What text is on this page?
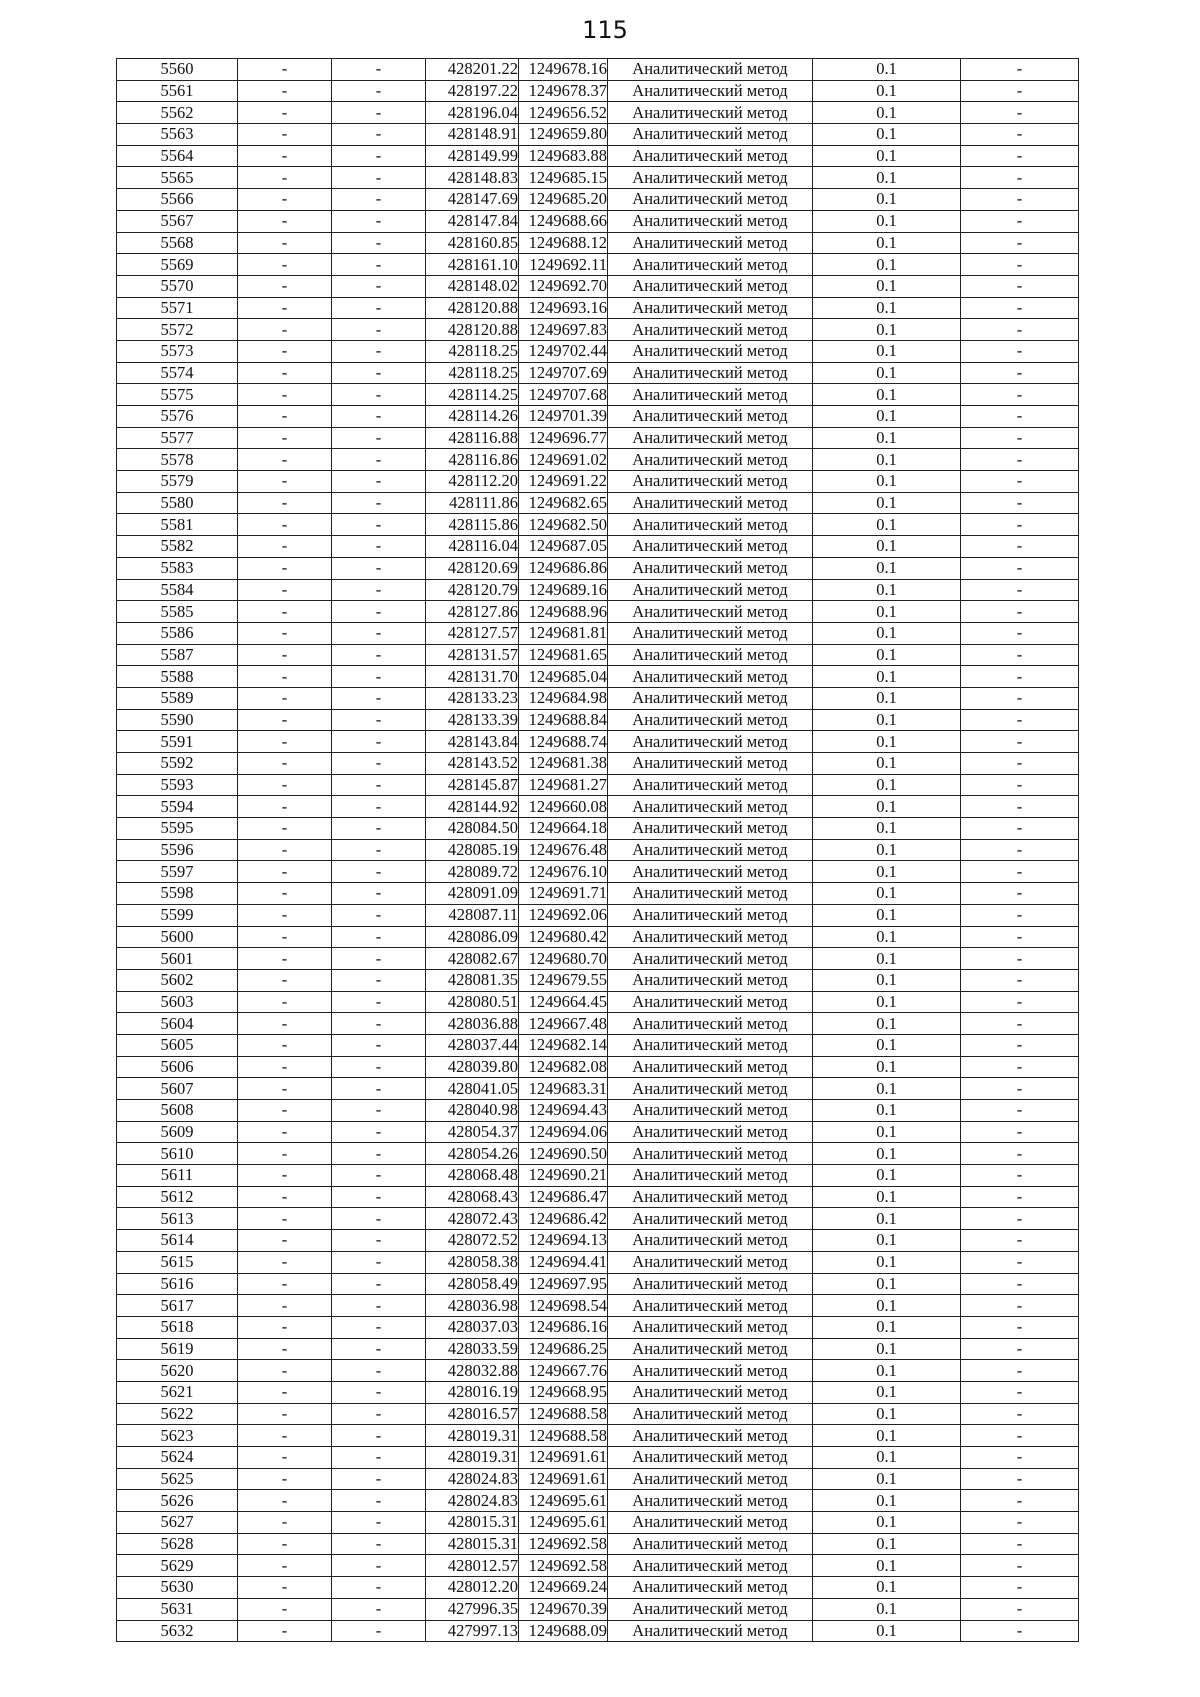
115
5560	-	-	428201.22	1249678.16	Аналитический метод	0.1	-
5561	-	-	428197.22	1249678.37	Аналитический метод	0.1	-
5562	-	-	428196.04	1249656.52	Аналитический метод	0.1	-
5563	-	-	428148.91	1249659.80	Аналитический метод	0.1	-
5564	-	-	428149.99	1249683.88	Аналитический метод	0.1	-
5565	-	-	428148.83	1249685.15	Аналитический метод	0.1	-
5566	-	-	428147.69	1249685.20	Аналитический метод	0.1	-
5567	-	-	428147.84	1249688.66	Аналитический метод	0.1	-
5568	-	-	428160.85	1249688.12	Аналитический метод	0.1	-
5569	-	-	428161.10	1249692.11	Аналитический метод	0.1	-
5570	-	-	428148.02	1249692.70	Аналитический метод	0.1	-
5571	-	-	428120.88	1249693.16	Аналитический метод	0.1	-
5572	-	-	428120.88	1249697.83	Аналитический метод	0.1	-
5573	-	-	428118.25	1249702.44	Аналитический метод	0.1	-
5574	-	-	428118.25	1249707.69	Аналитический метод	0.1	-
5575	-	-	428114.25	1249707.68	Аналитический метод	0.1	-
5576	-	-	428114.26	1249701.39	Аналитический метод	0.1	-
5577	-	-	428116.88	1249696.77	Аналитический метод	0.1	-
5578	-	-	428116.86	1249691.02	Аналитический метод	0.1	-
5579	-	-	428112.20	1249691.22	Аналитический метод	0.1	-
5580	-	-	428111.86	1249682.65	Аналитический метод	0.1	-
5581	-	-	428115.86	1249682.50	Аналитический метод	0.1	-
5582	-	-	428116.04	1249687.05	Аналитический метод	0.1	-
5583	-	-	428120.69	1249686.86	Аналитический метод	0.1	-
5584	-	-	428120.79	1249689.16	Аналитический метод	0.1	-
5585	-	-	428127.86	1249688.96	Аналитический метод	0.1	-
5586	-	-	428127.57	1249681.81	Аналитический метод	0.1	-
5587	-	-	428131.57	1249681.65	Аналитический метод	0.1	-
5588	-	-	428131.70	1249685.04	Аналитический метод	0.1	-
5589	-	-	428133.23	1249684.98	Аналитический метод	0.1	-
5590	-	-	428133.39	1249688.84	Аналитический метод	0.1	-
5591	-	-	428143.84	1249688.74	Аналитический метод	0.1	-
5592	-	-	428143.52	1249681.38	Аналитический метод	0.1	-
5593	-	-	428145.87	1249681.27	Аналитический метод	0.1	-
5594	-	-	428144.92	1249660.08	Аналитический метод	0.1	-
5595	-	-	428084.50	1249664.18	Аналитический метод	0.1	-
5596	-	-	428085.19	1249676.48	Аналитический метод	0.1	-
5597	-	-	428089.72	1249676.10	Аналитический метод	0.1	-
5598	-	-	428091.09	1249691.71	Аналитический метод	0.1	-
5599	-	-	428087.11	1249692.06	Аналитический метод	0.1	-
5600	-	-	428086.09	1249680.42	Аналитический метод	0.1	-
5601	-	-	428082.67	1249680.70	Аналитический метод	0.1	-
5602	-	-	428081.35	1249679.55	Аналитический метод	0.1	-
5603	-	-	428080.51	1249664.45	Аналитический метод	0.1	-
5604	-	-	428036.88	1249667.48	Аналитический метод	0.1	-
5605	-	-	428037.44	1249682.14	Аналитический метод	0.1	-
5606	-	-	428039.80	1249682.08	Аналитический метод	0.1	-
5607	-	-	428041.05	1249683.31	Аналитический метод	0.1	-
5608	-	-	428040.98	1249694.43	Аналитический метод	0.1	-
5609	-	-	428054.37	1249694.06	Аналитический метод	0.1	-
5610	-	-	428054.26	1249690.50	Аналитический метод	0.1	-
5611	-	-	428068.48	1249690.21	Аналитический метод	0.1	-
5612	-	-	428068.43	1249686.47	Аналитический метод	0.1	-
5613	-	-	428072.43	1249686.42	Аналитический метод	0.1	-
5614	-	-	428072.52	1249694.13	Аналитический метод	0.1	-
5615	-	-	428058.38	1249694.41	Аналитический метод	0.1	-
5616	-	-	428058.49	1249697.95	Аналитический метод	0.1	-
5617	-	-	428036.98	1249698.54	Аналитический метод	0.1	-
5618	-	-	428037.03	1249686.16	Аналитический метод	0.1	-
5619	-	-	428033.59	1249686.25	Аналитический метод	0.1	-
5620	-	-	428032.88	1249667.76	Аналитический метод	0.1	-
5621	-	-	428016.19	1249668.95	Аналитический метод	0.1	-
5622	-	-	428016.57	1249688.58	Аналитический метод	0.1	-
5623	-	-	428019.31	1249688.58	Аналитический метод	0.1	-
5624	-	-	428019.31	1249691.61	Аналитический метод	0.1	-
5625	-	-	428024.83	1249691.61	Аналитический метод	0.1	-
5626	-	-	428024.83	1249695.61	Аналитический метод	0.1	-
5627	-	-	428015.31	1249695.61	Аналитический метод	0.1	-
5628	-	-	428015.31	1249692.58	Аналитический метод	0.1	-
5629	-	-	428012.57	1249692.58	Аналитический метод	0.1	-
5630	-	-	428012.20	1249669.24	Аналитический метод	0.1	-
5631	-	-	427996.35	1249670.39	Аналитический метод	0.1	-
5632	-	-	427997.13	1249688.09	Аналитический метод	0.1	-
